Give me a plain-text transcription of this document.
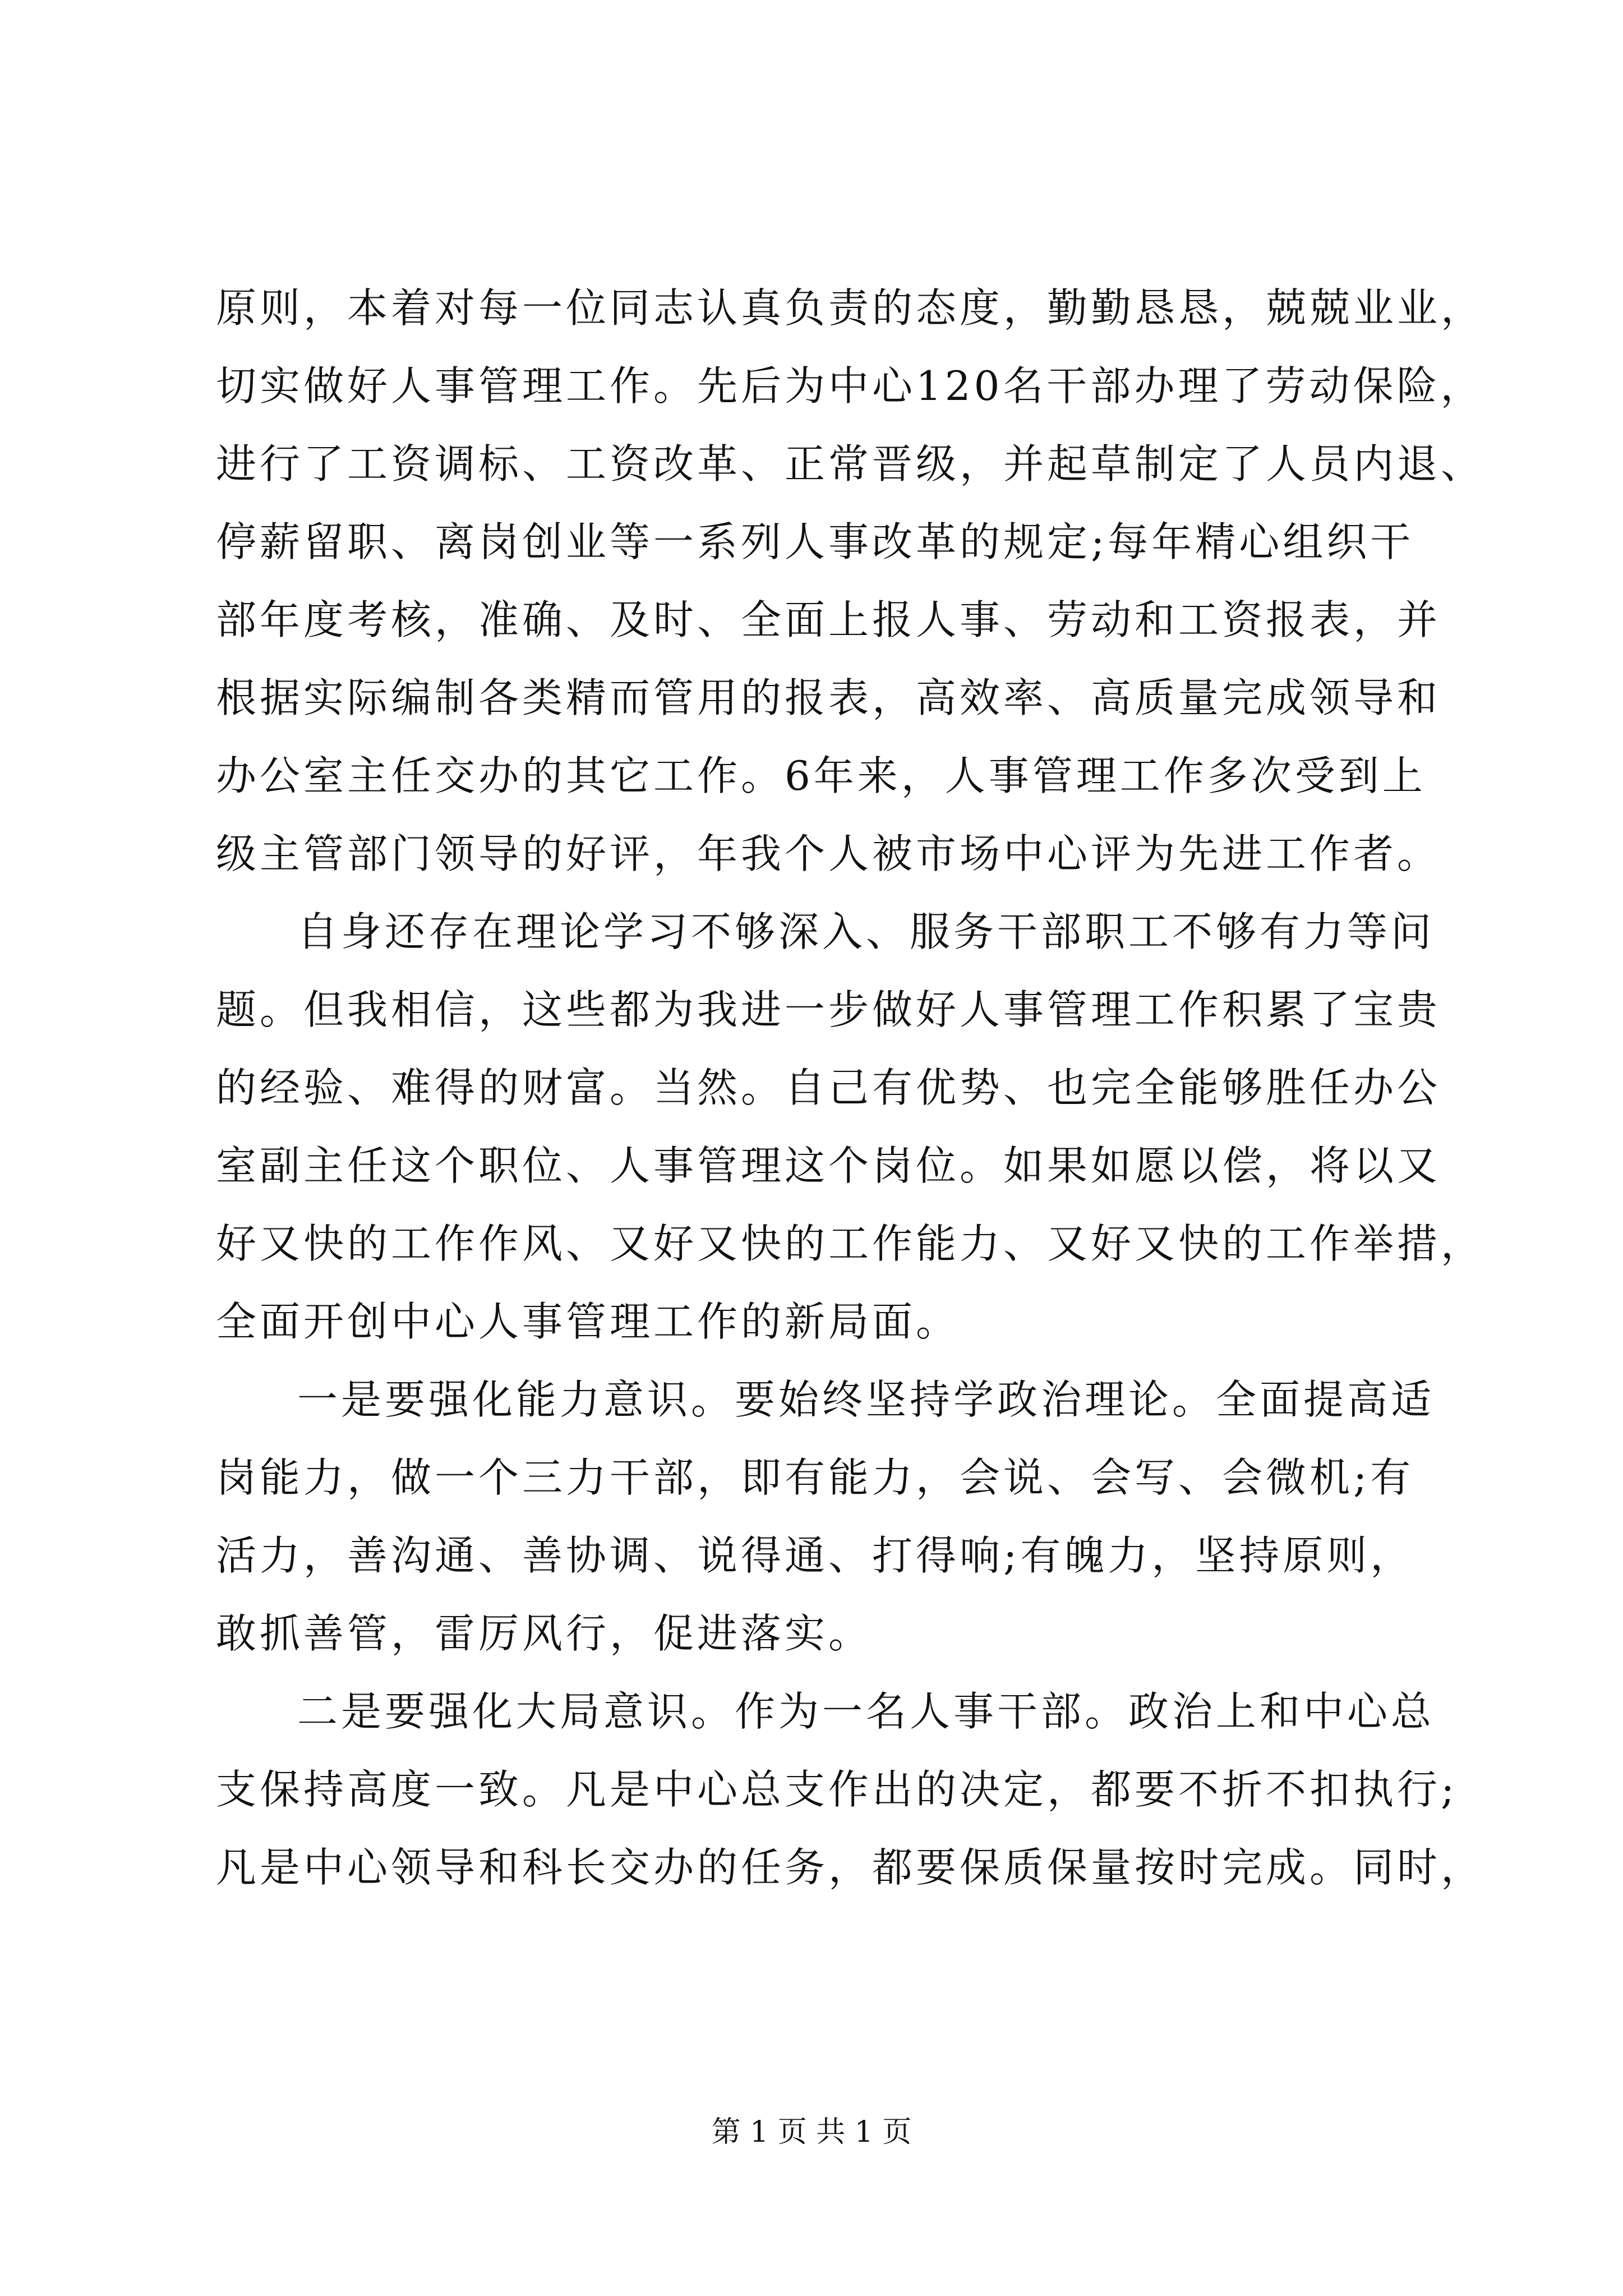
原则，本着对每一位同志认真负责的态度，勤勤恳恳，兢兢业业，
切实做好人事管理工作。先后为中心120名干部办理了劳动保险，
进行了工资调标、工资改革、正常晋级，并起草制定了人员内退、
停薪留职、离岗创业等一系列人事改革的规定;每年精心组织干
部年度考核，准确、及时、全面上报人事、劳动和工资报表，并
根据实际编制各类精而管用的报表，高效率、高质量完成领导和
办公室主任交办的其它工作。6年来，人事管理工作多次受到上
级主管部门领导的好评，年我个人被市场中心评为先进工作者。
自身还存在理论学习不够深入、服务干部职工不够有力等问
题。但我相信，这些都为我进一步做好人事管理工作积累了宝贵
的经验、难得的财富。当然。自己有优势、也完全能够胜任办公
室副主任这个职位、人事管理这个岗位。如果如愿以偿，将以又
好又快的工作作风、又好又快的工作能力、又好又快的工作举措，
全面开创中心人事管理工作的新局面。
一是要强化能力意识。要始终坚持学政治理论。全面提高适
岗能力，做一个三力干部，即有能力，会说、会写、会微机;有
活力，善沟通、善协调、说得通、打得响;有魄力，坚持原则，
敢抓善管，雷厉风行，促进落实。
二是要强化大局意识。作为一名人事干部。政治上和中心总
支保持高度一致。凡是中心总支作出的决定，都要不折不扣执行;
凡是中心领导和科长交办的任务，都要保质保量按时完成。同时，
第 1 页 共 1 页
